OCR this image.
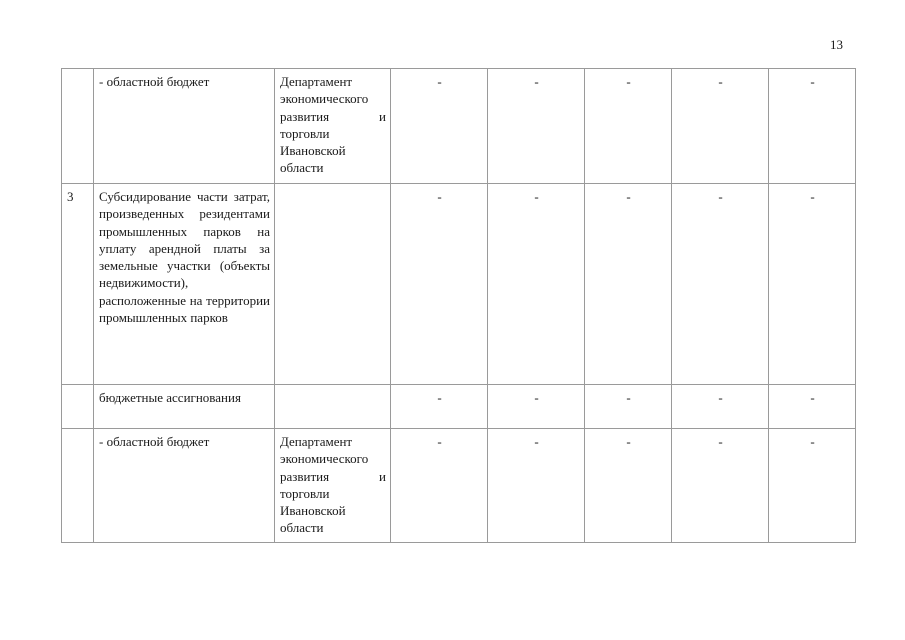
13
	- областной бюджет	Департамент экономического развития и торговли Ивановской области	-	-	-	-	-
3	Субсидирование части затрат, произведенных резидентами промышленных парков на уплату арендной платы за земельные участки (объекты недвижимости), расположенные на территории промышленных парков		-	-	-	-	-
	бюджетные ассигнования		-	-	-	-	-
	- областной бюджет	Департамент экономического развития и торговли Ивановской области	-	-	-	-	-
